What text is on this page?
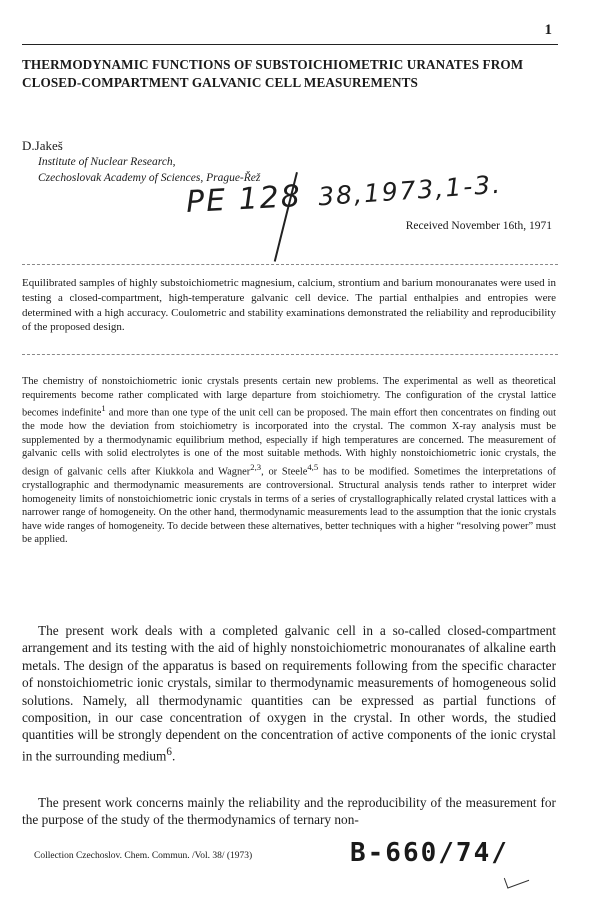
1
THERMODYNAMIC FUNCTIONS OF SUBSTOICHIOMETRIC URANATES FROM CLOSED-COMPARTMENT GALVANIC CELL MEASUREMENTS
D.Jakeš
Institute of Nuclear Research,
Czechoslovak Academy of Sciences, Prague-Řež
PE 128 38,1973,1-3.
Received November 16th, 1971
Equilibrated samples of highly substoichiometric magnesium, calcium, strontium and barium monouranates were used in testing a closed-compartment, high-temperature galvanic cell device. The partial enthalpies and entropies were determined with a high accuracy. Coulometric and stability examinations demonstrated the reliability and reproducibility of the proposed design.
The chemistry of nonstoichiometric ionic crystals presents certain new problems. The experimental as well as theoretical requirements become rather complicated with large departure from stoichiometry. The configuration of the crystal lattice becomes indefinite$^1$ and more than one type of the unit cell can be proposed. The main effort then concentrates on finding out the mode how the deviation from stoichiometry is incorporated into the crystal. The common X-ray analysis must be supplemented by a thermodynamic equilibrium method, especially if high temperatures are concerned. The measurement of galvanic cells with solid electrolytes is one of the most suitable methods. With highly nonstoichiometric ionic crystals, the design of galvanic cells after Kiukkola and Wagner$^{2,3}$, or Steele$^{4,5}$ has to be modified. Sometimes the interpretations of crystallographic and thermodynamic measurements are controversional. Structural analysis tends rather to interpret wider homogeneity limits of nonstoichiometric ionic crystals in terms of a series of crystallographically related crystal lattices with a narrower range of homogeneity. On the other hand, thermodynamic measurements lead to the assumption that the ionic crystals have wide ranges of homogeneity. To decide between these alternatives, better techniques with a higher “resolving power” must be applied.
The present work deals with a completed galvanic cell in a so-called closed-compartment arrangement and its testing with the aid of highly nonstoichiometric monouranates of alkaline earth metals. The design of the apparatus is based on requirements following from the specific character of nonstoichiometric ionic crystals, similar to thermodynamic measurements of homogeneous solid solutions. Namely, all thermodynamic quantities can be expressed as partial functions of composition, in our case concentration of oxygen in the crystal. In other words, the studied quantities will be strongly dependent on the concentration of active components of the ionic crystal in the surrounding medium$^6$.
The present work concerns mainly the reliability and the reproducibility of the measurement for the purpose of the study of the thermodynamics of ternary non-
Collection Czechoslov. Chem. Commun. /Vol. 38/ (1973)	B-660/74/
